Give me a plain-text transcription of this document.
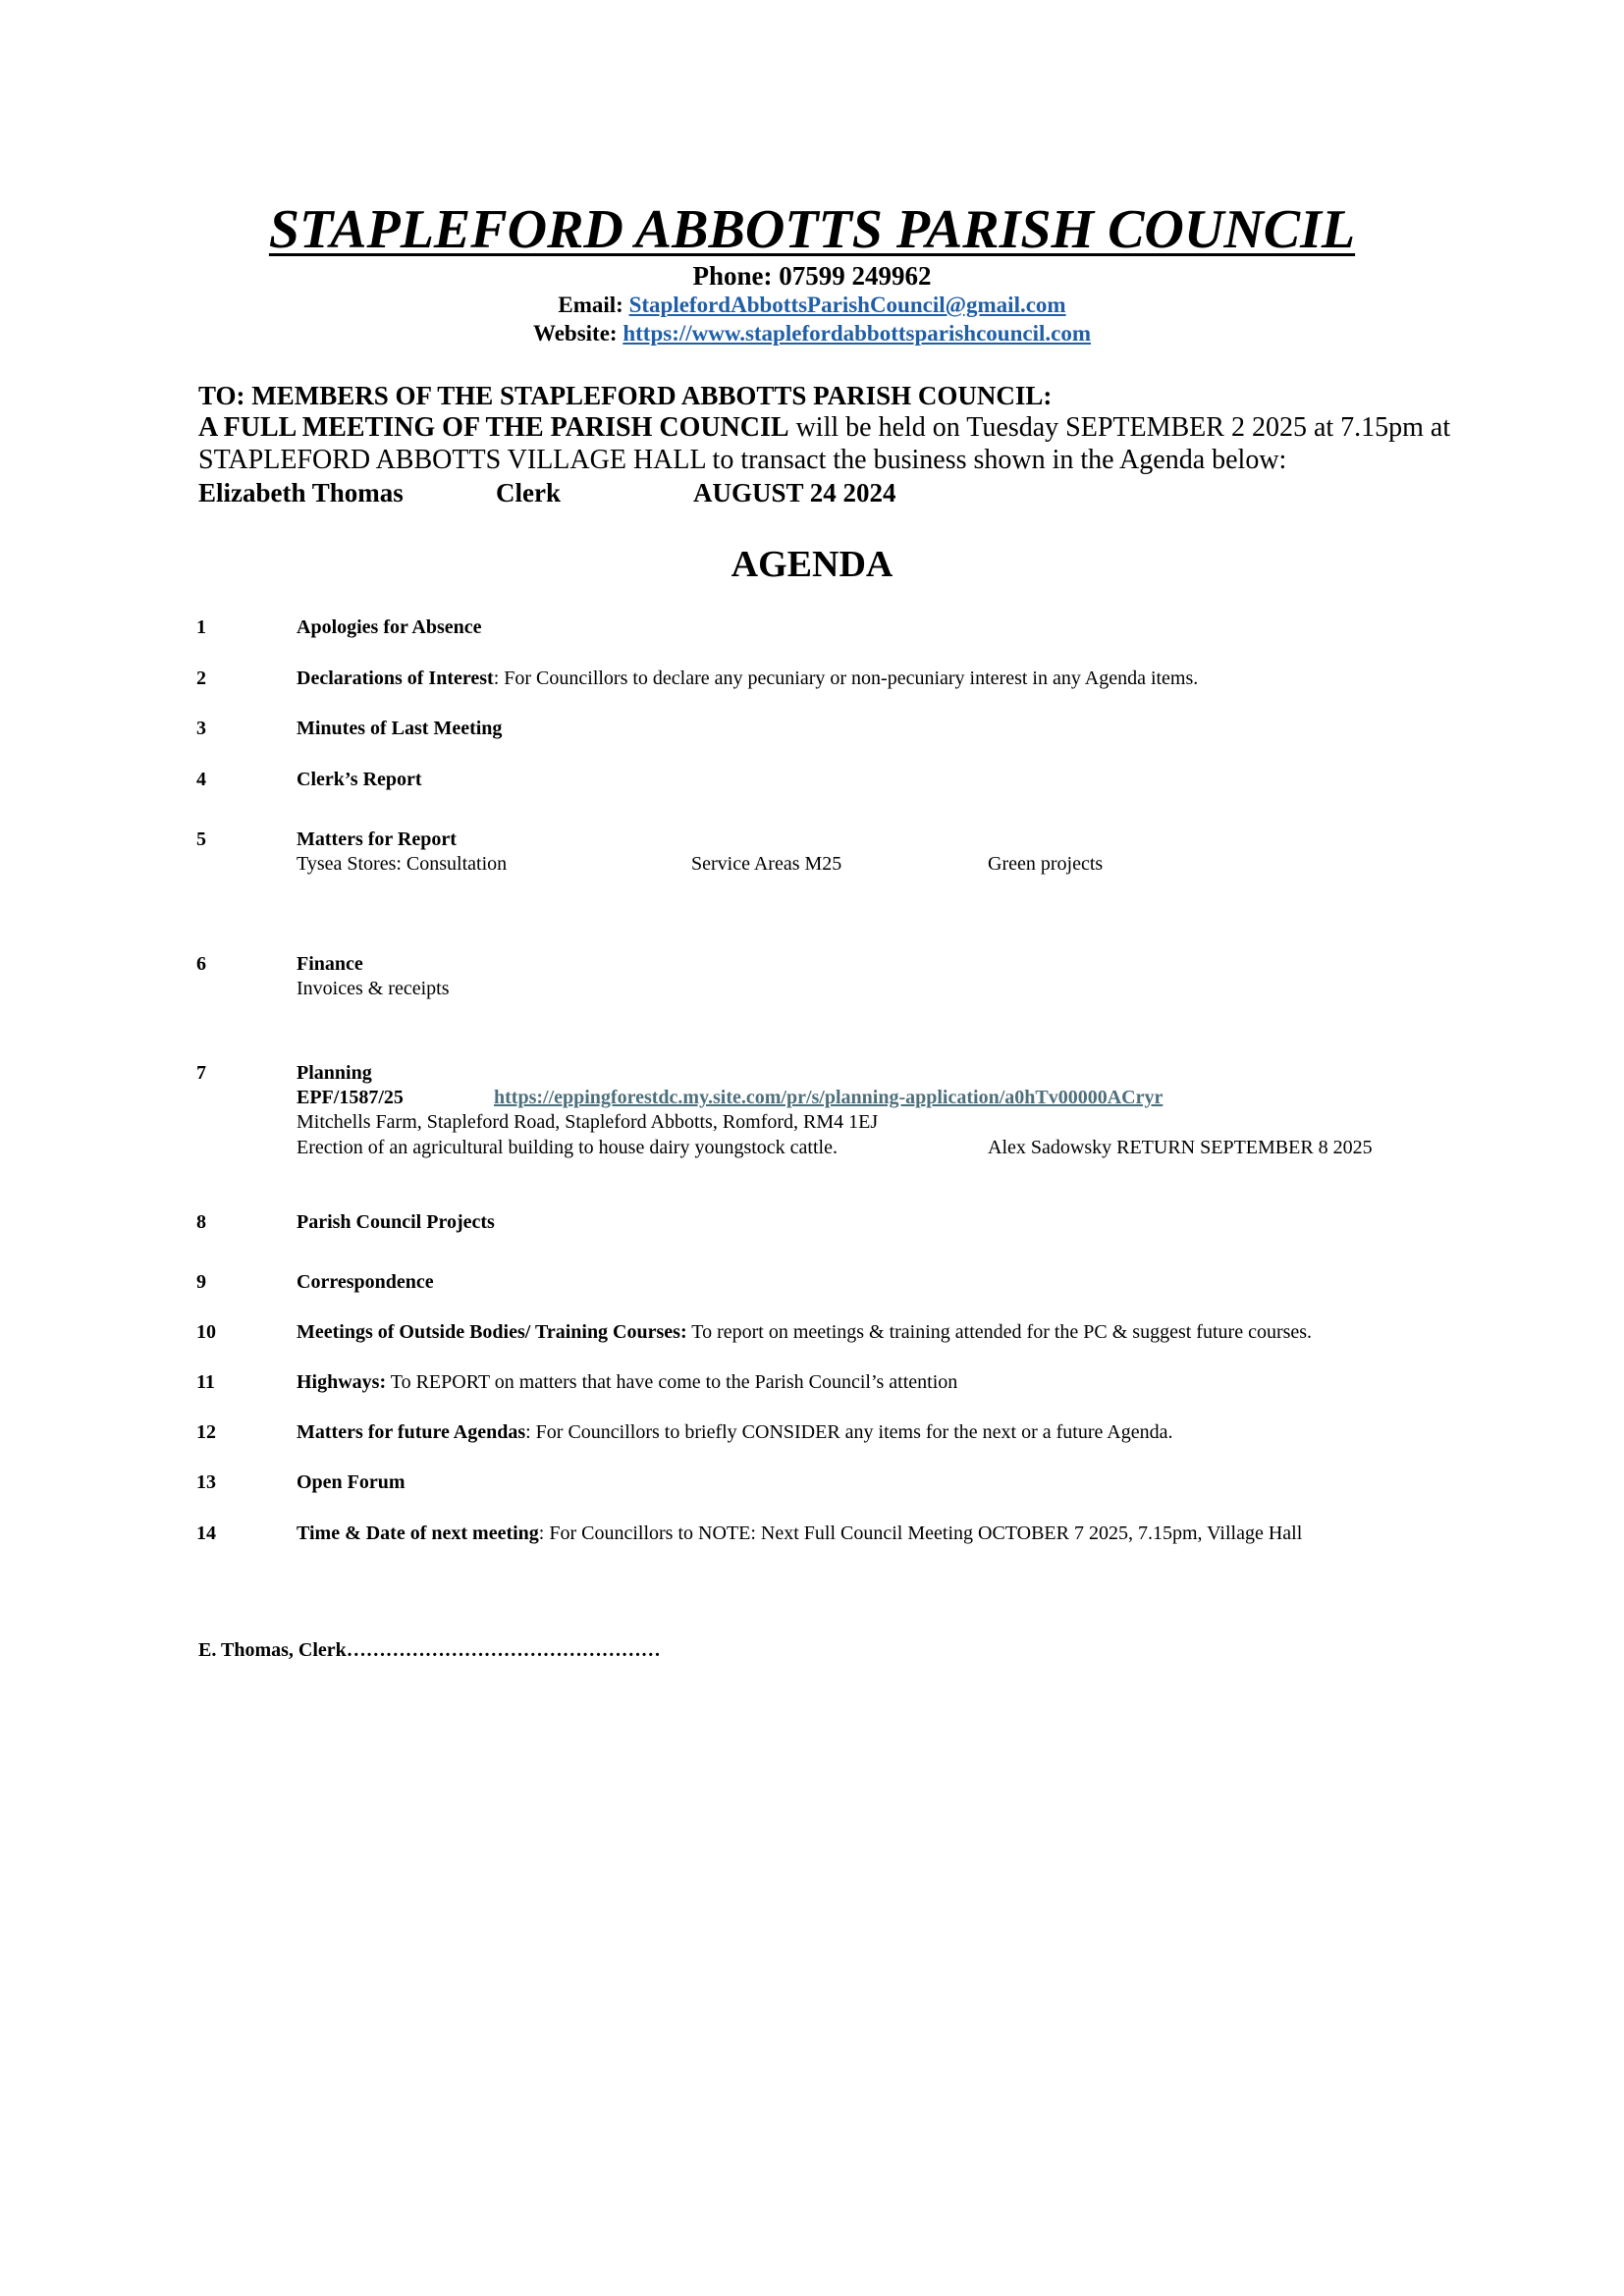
STAPLEFORD ABBOTTS PARISH COUNCIL
Phone: 07599 249962
Email: StaplefordAbbottsParishCouncil@gmail.com
Website: https://www.staplefordabbottsparishcouncil.com
TO: MEMBERS OF THE STAPLEFORD ABBOTTS PARISH COUNCIL:
A FULL MEETING OF THE PARISH COUNCIL will be held on Tuesday SEPTEMBER 2 2025 at 7.15pm at
STAPLEFORD ABBOTTS VILLAGE HALL to transact the business shown in the Agenda below:
Elizabeth Thomas	Clerk	AUGUST 24 2024
AGENDA
1	Apologies for Absence
2	Declarations of Interest: For Councillors to declare any pecuniary or non-pecuniary interest in any Agenda items.
3	Minutes of Last Meeting
4	Clerk’s Report
5	Matters for Report
Tysea Stores: Consultation	Service Areas M25	Green projects
6	Finance
Invoices & receipts
7	Planning
EPF/1587/25	https://eppingforestdc.my.site.com/pr/s/planning-application/a0hTv00000ACryr
Mitchells Farm, Stapleford Road, Stapleford Abbotts, Romford, RM4 1EJ
Erection of an agricultural building to house dairy youngstock cattle.	Alex Sadowsky RETURN SEPTEMBER 8 2025
8	Parish Council Projects
9	Correspondence
10	Meetings of Outside Bodies/ Training Courses: To report on meetings & training attended for the PC & suggest future courses.
11	Highways: To REPORT on matters that have come to the Parish Council’s attention
12	Matters for future Agendas: For Councillors to briefly CONSIDER any items for the next or a future Agenda.
13	Open Forum
14	Time & Date of next meeting: For Councillors to NOTE: Next Full Council Meeting OCTOBER 7 2025, 7.15pm, Village Hall
E. Thomas, Clerk…………………………………………
